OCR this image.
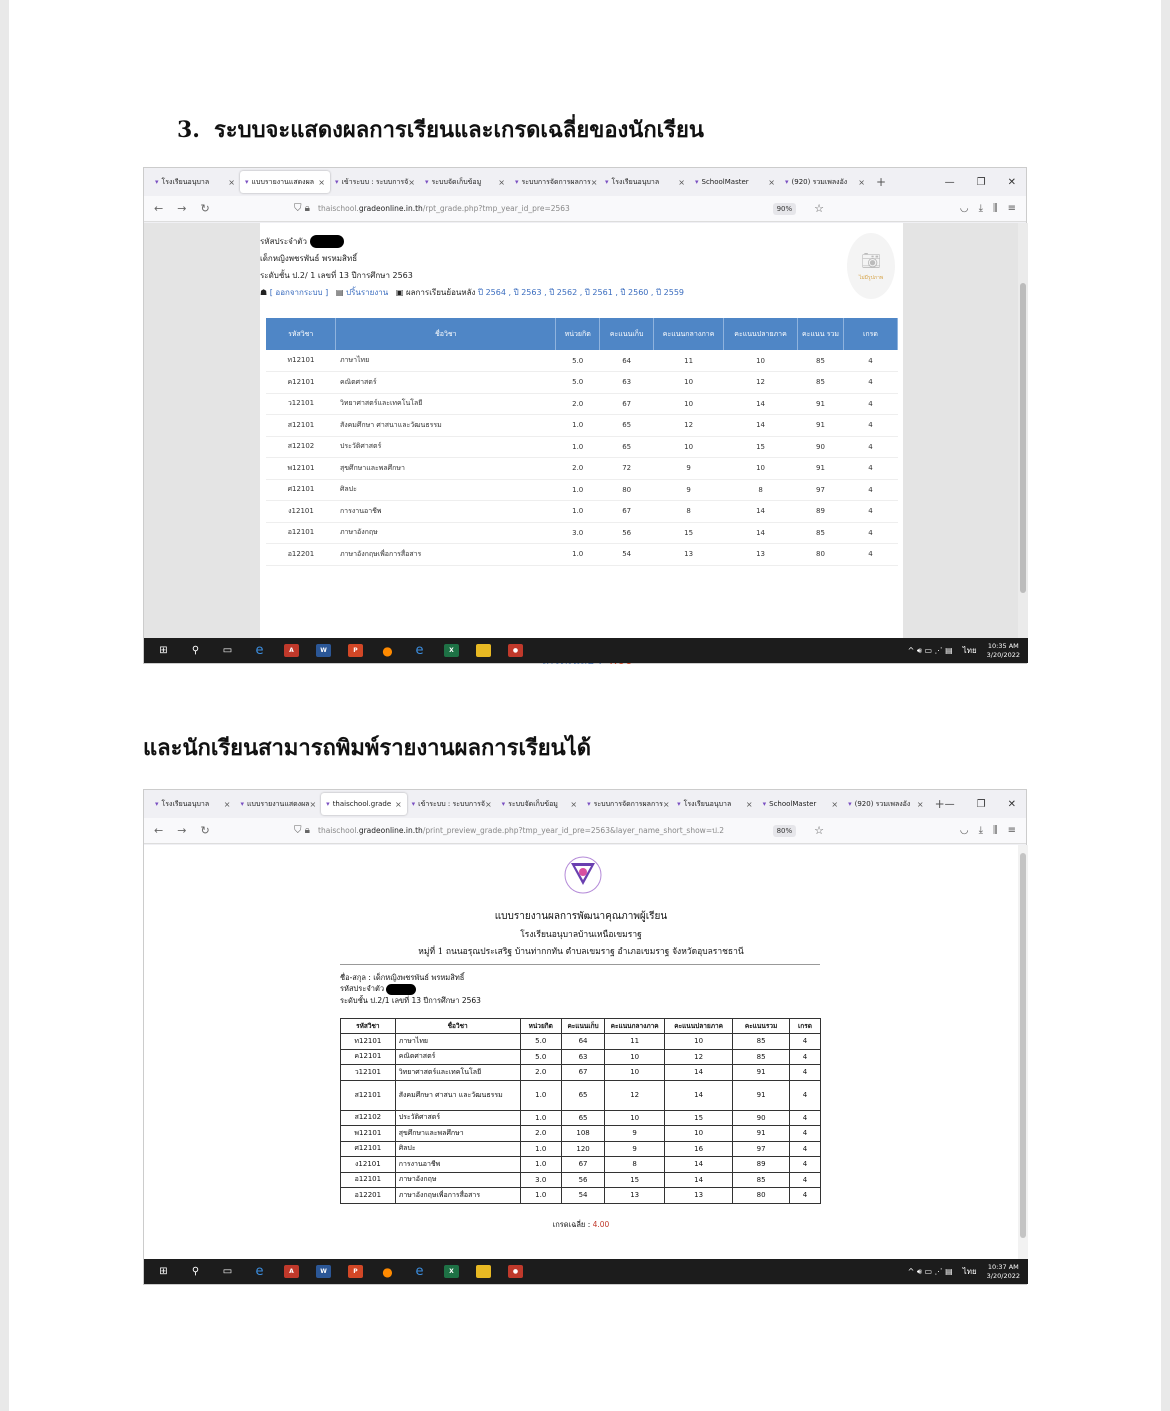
3. ระบบจะแสดงผลการเรียนและเกรดเฉลี่ยของนักเรียน
▾ โรงเรียนอนุบาล × ▾ แบบรายงานแสดงผล × ▾ เข้าระบบ : ระบบการจั × ▾ ระบบจัดเก็บข้อมู × ▾ ระบบการจัดการผลการ × ▾ โรงเรียนอนุบาล × ▾ SchoolMaster × ▾ (920) รวมเพลงอัง × +	— ❐ ✕
← → ↻	⛉ 🔒︎ thaischool. gradeonline.in.th /rpt_grade.php?tmp_year_id_pre=2563	90%	☆	◡ ⤓ ⫼ ≡
รหัสประจำตัว
เด็กหญิงพชรพันธ์ พรหมสิทธิ์
ระดับชั้น ป.2/ 1 เลขที่ 13 ปีการศึกษา 2563
☗ [ ออกจากระบบ ] ▤ ปริ้นรายงาน ▣ ผลการเรียนย้อนหลัง ปี 2564 , ปี 2563 , ปี 2562 , ปี 2561 , ปี 2560 , ปี 2559
📷︎
ไม่มีรูปภาพ
รหัสวิชา	ชื่อวิชา	หน่วยกิต	คะแนนเก็บ	คะแนนกลางภาค	คะแนนปลายภาค	คะแนน รวม	เกรด
ท12101	ภาษาไทย	5.0	64	11	10	85	4
ค12101	คณิตศาสตร์	5.0	63	10	12	85	4
ว12101	วิทยาศาสตร์และเทคโนโลยี	2.0	67	10	14	91	4
ส12101	สังคมศึกษา ศาสนาและวัฒนธรรม	1.0	65	12	14	91	4
ส12102	ประวัติศาสตร์	1.0	65	10	15	90	4
พ12101	สุขศึกษาและพลศึกษา	2.0	72	9	10	91	4
ศ12101	ศิลปะ	1.0	80	9	8	97	4
ง12101	การงานอาชีพ	1.0	67	8	14	89	4
อ12101	ภาษาอังกฤษ	3.0	56	15	14	85	4
อ12201	ภาษาอังกฤษเพื่อการสื่อสาร	1.0	54	13	13	80	4
⊞	⚲	▭ e	A	W	P	● e	X	●	^ 🔊︎ ▭ ⋰ ▤ ไทย
10:35 AM
3/20/2022
และนักเรียนสามารถพิมพ์รายงานผลการเรียนได้
▾ โรงเรียนอนุบาล × ▾ แบบรายงานแสดงผล × ▾ thaischool.grade × ▾ เข้าระบบ : ระบบการจั × ▾ ระบบจัดเก็บข้อมู × ▾ ระบบการจัดการผลการ × ▾ โรงเรียนอนุบาล × ▾ SchoolMaster × ▾ (920) รวมเพลงอัง × + — ❐ ✕
← → ↻	⛉ 🔒︎ thaischool. gradeonline.in.th /print_preview_grade.php?tmp_year_id_pre=2563&layer_name_short_show=ป.2	80%	☆	◡ ⤓ ⫼ ≡
แบบรายงานผลการพัฒนาคุณภาพผู้เรียน
โรงเรียนอนุบาลบ้านเหนือเขมราฐ
หมู่ที่ 1 ถนนอรุณประเสริฐ บ้านท่ากกทัน ตำบลเขมราฐ อำเภอเขมราฐ จังหวัดอุบลราชธานี
ชื่อ-สกุล : เด็กหญิงพชรพันธ์ พรหมสิทธิ์
รหัสประจำตัว
ระดับชั้น ป.2/1 เลขที่ 13 ปีการศึกษา 2563
รหัสวิชา	ชื่อวิชา	หน่วยกิต	คะแนนเก็บ	คะแนนกลางภาค	คะแนนปลายภาค	คะแนนรวม	เกรด
ท12101	ภาษาไทย	5.0	64	11	10	85	4
ค12101	คณิตศาสตร์	5.0	63	10	12	85	4
ว12101	วิทยาศาสตร์และเทคโนโลยี	2.0	67	10	14	91	4
ส12101	สังคมศึกษา ศาสนา และวัฒนธรรม	1.0	65	12	14	91	4
ส12102	ประวัติศาสตร์	1.0	65	10	15	90	4
พ12101	สุขศึกษาและพลศึกษา	2.0	108	9	10	91	4
ศ12101	ศิลปะ	1.0	120	9	16	97	4
ง12101	การงานอาชีพ	1.0	67	8	14	89	4
อ12101	ภาษาอังกฤษ	3.0	56	15	14	85	4
อ12201	ภาษาอังกฤษเพื่อการสื่อสาร	1.0	54	13	13	80	4
เกรดเฉลี่ย : 4.00
⊞	⚲	▭ e	A	W	P	● e	X	●	^ 🔊︎ ▭ ⋰ ▤ ไทย
10:37 AM
3/20/2022
